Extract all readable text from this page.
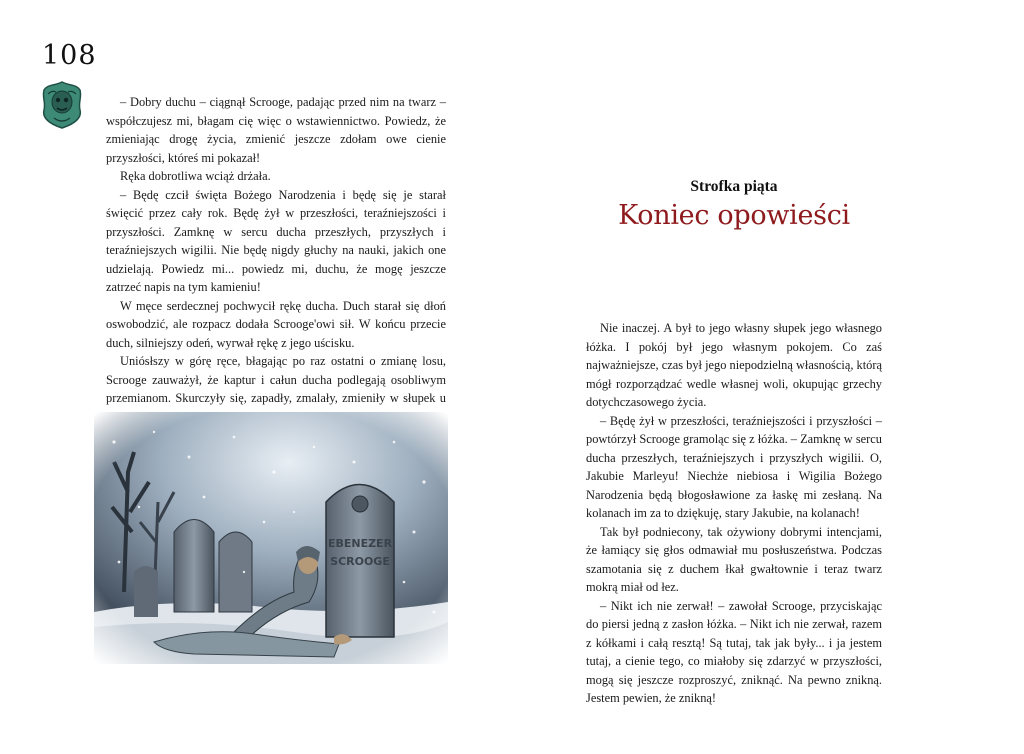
108

– Dobry duchu – ciągnął Scrooge, padając przed nim na twarz – współczujesz mi, błagam cię więc o wstawiennictwo. Powiedz, że zmieniając drogę życia, zmienić jeszcze zdołam owe cienie przyszłości, któreś mi pokazał!

Ręka dobrotliwa wciąż drżała.

– Będę czcił święta Bożego Narodzenia i będę się je starał święcić przez cały rok. Będę żył w przeszłości, teraźniejszości i przyszłości. Zamknę w sercu ducha przeszłych, przyszłych i teraźniejszych wigilii. Nie będę nigdy głuchy na nauki, jakich one udzielają. Powiedz mi... powiedz mi, duchu, że mogę jeszcze zatrzeć napis na tym kamieniu!

W męce serdecznej pochwycił rękę ducha. Duch starał się dłoń oswobodzić, ale rozpacz dodała Scrooge'owi sił. W końcu przecie duch, silniejszy odeń, wyrwał rękę z jego uścisku.

Uniósłszy w górę ręce, błagając po raz ostatni o zmianę losu, Scrooge zauważył, że kaptur i całun ducha podlegają osobliwym przemianom. Skurczyły się, zapadły, zmalały, zmieniły w słupek u

Strofka piąta
Koniec opowieści

Nie inaczej. A był to jego własny słupek jego własnego łóżka. I pokój był jego własnym pokojem. Co zaś najważniejsze, czas był jego niepodzielną własnością, którą mógł rozporządzać wedle własnej woli, okupując grzechy dotychczasowego życia.

– Będę żył w przeszłości, teraźniejszości i przyszłości – powtórzył Scrooge gramoląc się z łóżka. – Zamknę w sercu ducha przeszłych, teraźniejszych i przyszłych wigilii. O, Jakubie Marleyu! Niechże niebiosa i Wigilia Bożego Narodzenia będą błogosławione za łaskę mi zesłaną. Na kolanach im za to dziękuję, stary Jakubie, na kolanach!

Tak był podniecony, tak ożywiony dobrymi intencjami, że łamiący się głos odmawiał mu posłuszeństwa. Podczas szamotania się z duchem łkał gwałtownie i teraz twarz mokrą miał od łez.

– Nikt ich nie zerwał! – zawołał Scrooge, przyciskając do piersi jedną z zasłon łóżka. – Nikt ich nie zerwał, razem z kółkami i całą resztą! Są tutaj, tak jak były... i ja jestem tutaj, a cienie tego, co miałoby się zdarzyć w przyszłości, mogą się jeszcze rozproszyć, zniknąć. Na pewno znikną. Jestem pewien, że znikną!
